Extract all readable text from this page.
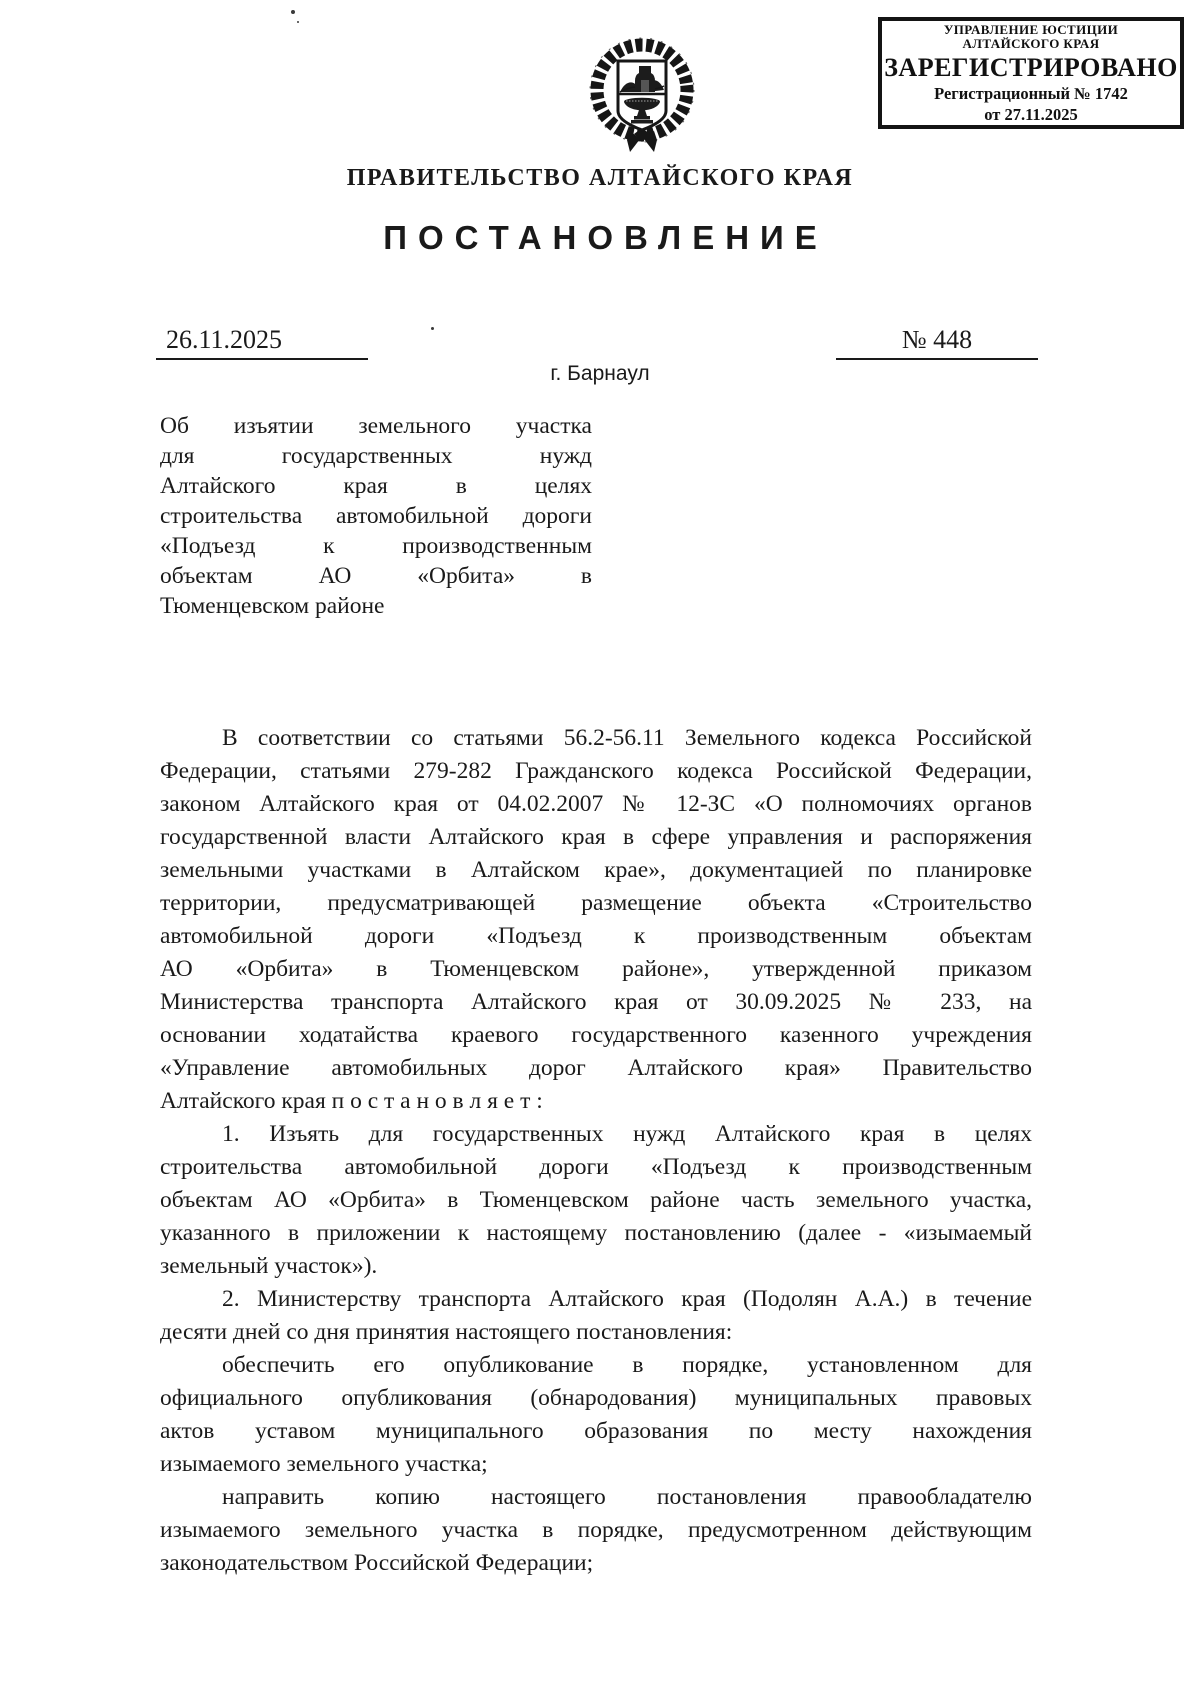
УПРАВЛЕНИЕ ЮСТИЦИИ
АЛТАЙСКОГО КРАЯ
ЗАРЕГИСТРИРОВАНО
Регистрационный № 1742
от 27.11.2025
ПРАВИТЕЛЬСТВО АЛТАЙСКОГО КРАЯ
ПОСТАНОВЛЕНИЕ
26.11.2025	№ 448
г. Барнаул
Об изъятии земельного участка
для государственных нужд
Алтайского края в целях
строительства автомобильной дороги
«Подъезд к производственным
объектам АО «Орбита» в
Тюменцевском районе
В соответствии со статьями 56.2-56.11 Земельного кодекса Российской
Федерации, статьями 279-282 Гражданского кодекса Российской Федерации,
законом Алтайского края от 04.02.2007 № 12-ЗС «О полномочиях органов
государственной власти Алтайского края в сфере управления и распоряжения
земельными участками в Алтайском крае», документацией по планировке
территории, предусматривающей размещение объекта «Строительство
автомобильной дороги «Подъезд к производственным объектам
АО «Орбита» в Тюменцевском районе», утвержденной приказом
Министерства транспорта Алтайского края от 30.09.2025 № 233, на
основании ходатайства краевого государственного казенного учреждения
«Управление автомобильных дорог Алтайского края» Правительство
Алтайского края п о с т а н о в л я е т :
1. Изъять для государственных нужд Алтайского края в целях
строительства автомобильной дороги «Подъезд к производственным
объектам АО «Орбита» в Тюменцевском районе часть земельного участка,
указанного в приложении к настоящему постановлению (далее - «изымаемый
земельный участок»).
2. Министерству транспорта Алтайского края (Подолян А.А.) в течение
десяти дней со дня принятия настоящего постановления:
обеспечить его опубликование в порядке, установленном для
официального опубликования (обнародования) муниципальных правовых
актов уставом муниципального образования по месту нахождения
изымаемого земельного участка;
направить копию настоящего постановления правообладателю
изымаемого земельного участка в порядке, предусмотренном действующим
законодательством Российской Федерации;
